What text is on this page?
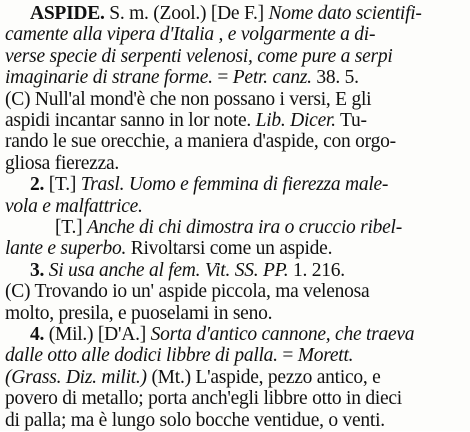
ASPIDE. S. m. (Zool.) [De F.] Nome dato scientifi-
camente alla vipera d'Italia , e volgarmente a di-
verse specie di serpenti velenosi, come pure a serpi
imaginarie di strane forme. = Petr. canz. 38. 5.
(C) Null'al mond'è che non possano i versi, E gli
aspidi incantar sanno in lor note. Lib. Dicer. Tu-
rando le sue orecchie, a maniera d'aspide, con orgo-
gliosa fierezza.
2. [T.] Trasl. Uomo e femmina di fierezza male-
vola e malfattrice.
[T.] Anche di chi dimostra ira o cruccio ribel-
lante e superbo. Rivoltarsi come un aspide.
3. Si usa anche al fem. Vit. SS. PP. 1. 216.
(C) Trovando io un' aspide piccola, ma velenosa
molto, presila, e puoselami in seno.
4. (Mil.) [D'A.] Sorta d'antico cannone, che traeva
dalle otto alle dodici libbre di palla. = Morett.
(Grass. Diz. milit.) (Mt.) L'aspide, pezzo antico, e
povero di metallo; porta anch'egli libbre otto in dieci
di palla; ma è lungo solo bocche ventidue, o venti.
